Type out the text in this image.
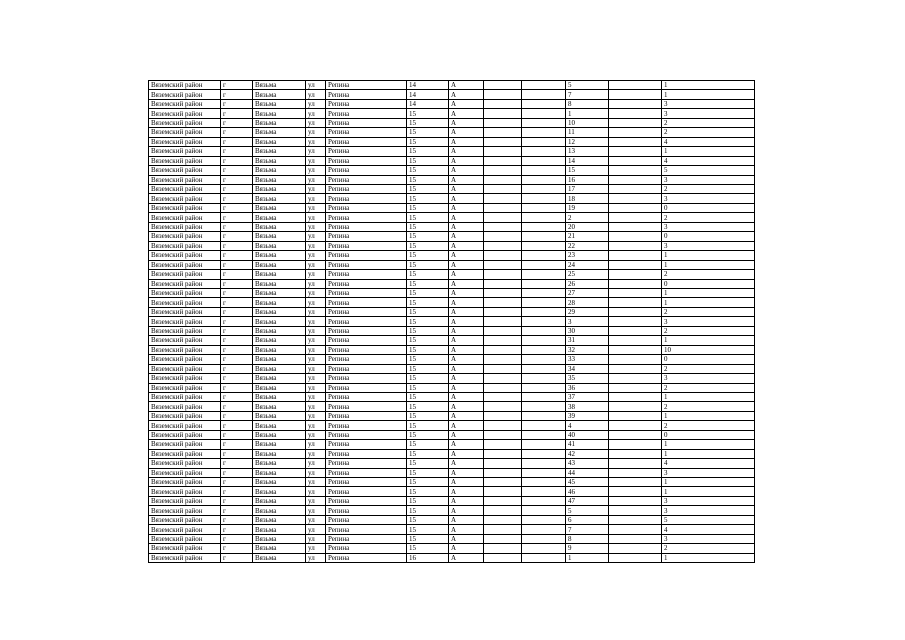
Вяземский район	г	Вязьма	ул	Репина	14	А			5		1
Вяземский район	г	Вязьма	ул	Репина	14	А			7		1
Вяземский район	г	Вязьма	ул	Репина	14	А			8		3
Вяземский район	г	Вязьма	ул	Репина	15	А			1		3
Вяземский район	г	Вязьма	ул	Репина	15	А			10		2
Вяземский район	г	Вязьма	ул	Репина	15	А			11		2
Вяземский район	г	Вязьма	ул	Репина	15	А			12		4
Вяземский район	г	Вязьма	ул	Репина	15	А			13		1
Вяземский район	г	Вязьма	ул	Репина	15	А			14		4
Вяземский район	г	Вязьма	ул	Репина	15	А			15		5
Вяземский район	г	Вязьма	ул	Репина	15	А			16		3
Вяземский район	г	Вязьма	ул	Репина	15	А			17		2
Вяземский район	г	Вязьма	ул	Репина	15	А			18		3
Вяземский район	г	Вязьма	ул	Репина	15	А			19		0
Вяземский район	г	Вязьма	ул	Репина	15	А			2		2
Вяземский район	г	Вязьма	ул	Репина	15	А			20		3
Вяземский район	г	Вязьма	ул	Репина	15	А			21		0
Вяземский район	г	Вязьма	ул	Репина	15	А			22		3
Вяземский район	г	Вязьма	ул	Репина	15	А			23		1
Вяземский район	г	Вязьма	ул	Репина	15	А			24		1
Вяземский район	г	Вязьма	ул	Репина	15	А			25		2
Вяземский район	г	Вязьма	ул	Репина	15	А			26		0
Вяземский район	г	Вязьма	ул	Репина	15	А			27		1
Вяземский район	г	Вязьма	ул	Репина	15	А			28		1
Вяземский район	г	Вязьма	ул	Репина	15	А			29		2
Вяземский район	г	Вязьма	ул	Репина	15	А			3		3
Вяземский район	г	Вязьма	ул	Репина	15	А			30		2
Вяземский район	г	Вязьма	ул	Репина	15	А			31		1
Вяземский район	г	Вязьма	ул	Репина	15	А			32		10
Вяземский район	г	Вязьма	ул	Репина	15	А			33		0
Вяземский район	г	Вязьма	ул	Репина	15	А			34		2
Вяземский район	г	Вязьма	ул	Репина	15	А			35		3
Вяземский район	г	Вязьма	ул	Репина	15	А			36		2
Вяземский район	г	Вязьма	ул	Репина	15	А			37		1
Вяземский район	г	Вязьма	ул	Репина	15	А			38		2
Вяземский район	г	Вязьма	ул	Репина	15	А			39		1
Вяземский район	г	Вязьма	ул	Репина	15	А			4		2
Вяземский район	г	Вязьма	ул	Репина	15	А			40		0
Вяземский район	г	Вязьма	ул	Репина	15	А			41		1
Вяземский район	г	Вязьма	ул	Репина	15	А			42		1
Вяземский район	г	Вязьма	ул	Репина	15	А			43		4
Вяземский район	г	Вязьма	ул	Репина	15	А			44		3
Вяземский район	г	Вязьма	ул	Репина	15	А			45		1
Вяземский район	г	Вязьма	ул	Репина	15	А			46		1
Вяземский район	г	Вязьма	ул	Репина	15	А			47		3
Вяземский район	г	Вязьма	ул	Репина	15	А			5		3
Вяземский район	г	Вязьма	ул	Репина	15	А			6		5
Вяземский район	г	Вязьма	ул	Репина	15	А			7		4
Вяземский район	г	Вязьма	ул	Репина	15	А			8		3
Вяземский район	г	Вязьма	ул	Репина	15	А			9		2
Вяземский район	г	Вязьма	ул	Репина	16	А			1		1
